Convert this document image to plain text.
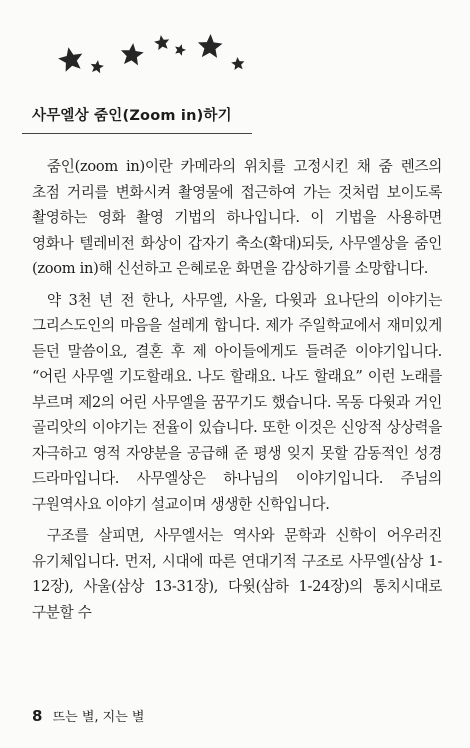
사무엘상 줌인(Zoom in)하기

줌인(zoom in)이란 카메라의 위치를 고정시킨 채 줌 렌즈의 초점 거리를 변화시켜 촬영물에 접근하여 가는 것처럼 보이도록 촬영하는 영화 촬영 기법의 하나입니다. 이 기법을 사용하면 영화나 텔레비전 화상이 갑자기 축소(확대)되듯, 사무엘상을 줌인(zoom in)해 신선하고 은혜로운 화면을 감상하기를 소망합니다.

약 3천 년 전 한나, 사무엘, 사울, 다윗과 요나단의 이야기는 그리스도인의 마음을 설레게 합니다. 제가 주일학교에서 재미있게 듣던 말씀이요, 결혼 후 제 아이들에게도 들려준 이야기입니다. “어린 사무엘 기도할래요. 나도 할래요. 나도 할래요” 이런 노래를 부르며 제2의 어린 사무엘을 꿈꾸기도 했습니다. 목동 다윗과 거인 골리앗의 이야기는 전율이 있습니다. 또한 이것은 신앙적 상상력을 자극하고 영적 자양분을 공급해 준 평생 잊지 못할 감동적인 성경 드라마입니다. 사무엘상은 하나님의 이야기입니다. 주님의 구원역사요 이야기 설교이며 생생한 신학입니다.

구조를 살피면, 사무엘서는 역사와 문학과 신학이 어우러진 유기체입니다. 먼저, 시대에 따른 연대기적 구조로 사무엘(삼상 1-12장), 사울(삼상 13-31장), 다윗(삼하 1-24장)의 통치시대로 구분할 수

8 뜨는 별, 지는 별
